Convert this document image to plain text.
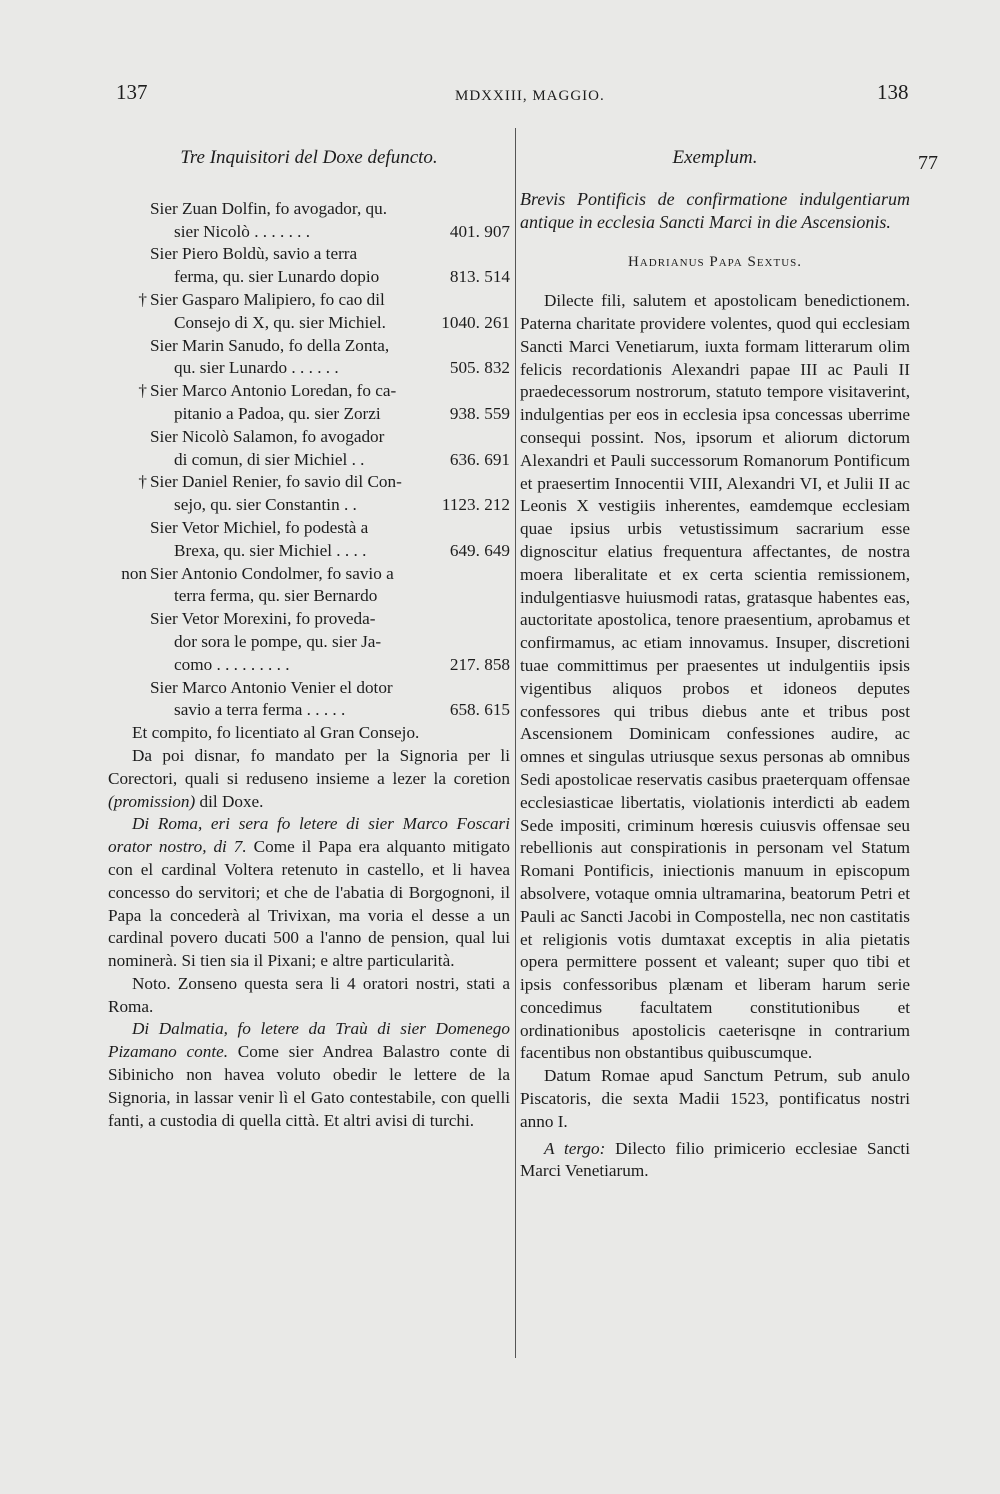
137	MDXXIII, MAGGIO.	138
77
Tre Inquisitori del Doxe defuncto.
Sier Zuan Dolfin, fo avogador, qu.
sier Nicolò . . . . . . .	401. 907
Sier Piero Boldù, savio a terra
ferma, qu. sier Lunardo dopio	813. 514
† Sier Gasparo Malipiero, fo cao dil
Consejo di X, qu. sier Michiel.	1040. 261
Sier Marin Sanudo, fo della Zonta,
qu. sier Lunardo . . . . . .	505. 832
† Sier Marco Antonio Loredan, fo ca-
pitanio a Padoa, qu. sier Zorzi	938. 559
Sier Nicolò Salamon, fo avogador
di comun, di sier Michiel . .	636. 691
† Sier Daniel Renier, fo savio dil Con-
sejo, qu. sier Constantin . .	1123. 212
Sier Vetor Michiel, fo podestà a
Brexa, qu. sier Michiel . . . .	649. 649
non Sier Antonio Condolmer, fo savio a
terra ferma, qu. sier Bernardo
Sier Vetor Morexini, fo proveda-
dor sora le pompe, qu. sier Ja-
como . . . . . . . . .	217. 858
Sier Marco Antonio Venier el dotor
savio a terra ferma . . . . .	658. 615

Et compito, fo licentiato al Gran Consejo.

Da poi disnar, fo mandato per la Signoria per li Corectori, quali si reduseno insieme a lezer la coretion (promission) dil Doxe.

Di Roma, eri sera fo letere di sier Marco Foscari orator nostro, di 7. Come il Papa era alquanto mitigato con el cardinal Voltera retenuto in castello, et li havea concesso do servitori; et che de l'abatia di Borgognoni, il Papa la concederà al Trivixan, ma voria el desse a un cardinal povero ducati 500 a l'anno de pension, qual lui nominerà. Si tien sia il Pixani; e altre particularità.

Noto. Zonseno questa sera li 4 oratori nostri, stati a Roma.

Di Dalmatia, fo letere da Traù di sier Domenego Pizamano conte. Come sier Andrea Balastro conte di Sibinicho non havea voluto obedir le lettere de la Signoria, in lassar venir lì el Gato contestabile, con quelli fanti, a custodia di quella città. Et altri avisi di turchi.

Exemplum.
Brevis Pontificis de confirmatione indulgentiarum antique in ecclesia Sancti Marci in die Ascensionis.
Hadrianus Papa Sextus.

Dilecte fili, salutem et apostolicam benedictionem. Paterna charitate providere volentes, quod qui ecclesiam Sancti Marci Venetiarum, iuxta formam litterarum olim felicis recordationis Alexandri papae III ac Pauli II praedecessorum nostrorum, statuto tempore visitaverint, indulgentias per eos in ecclesia ipsa concessas uberrime consequi possint. Nos, ipsorum et aliorum dictorum Alexandri et Pauli successorum Romanorum Pontificum et praesertim Innocentii VIII, Alexandri VI, et Julii II ac Leonis X vestigiis inherentes, eamdemque ecclesiam quae ipsius urbis vetustissimum sacrarium esse dignoscitur elatius frequentura affectantes, de nostra moera liberalitate et ex certa scientia remissionem, indulgentiasve huiusmodi ratas, gratasque habentes eas, auctoritate apostolica, tenore praesentium, aprobamus et confirmamus, ac etiam innovamus. Insuper, discretioni tuae committimus per praesentes ut indulgentiis ipsis vigentibus aliquos probos et idoneos deputes confessores qui tribus diebus ante et tribus post Ascensionem Dominicam confessiones audire, ac omnes et singulas utriusque sexus personas ab omnibus Sedi apostolicae reservatis casibus praeterquam offensae ecclesiasticae libertatis, violationis interdicti ab eadem Sede impositi, criminum hœresis cuiusvis offensae seu rebellionis aut conspirationis in personam vel Statum Romani Pontificis, iniectionis manuum in episcopum absolvere, votaque omnia ultramarina, beatorum Petri et Pauli ac Sancti Jacobi in Compostella, nec non castitatis et religionis votis dumtaxat exceptis in alia pietatis opera permittere possent et valeant; super quo tibi et ipsis confessoribus plænam et liberam harum serie concedimus facultatem constitutionibus et ordinationibus apostolicis caeterisqne in contrarium facentibus non obstantibus quibuscumque.

Datum Romae apud Sanctum Petrum, sub anulo Piscatoris, die sexta Madii 1523, pontificatus nostri anno I.

A tergo: Dilecto filio primicerio ecclesiae Sancti Marci Venetiarum.
